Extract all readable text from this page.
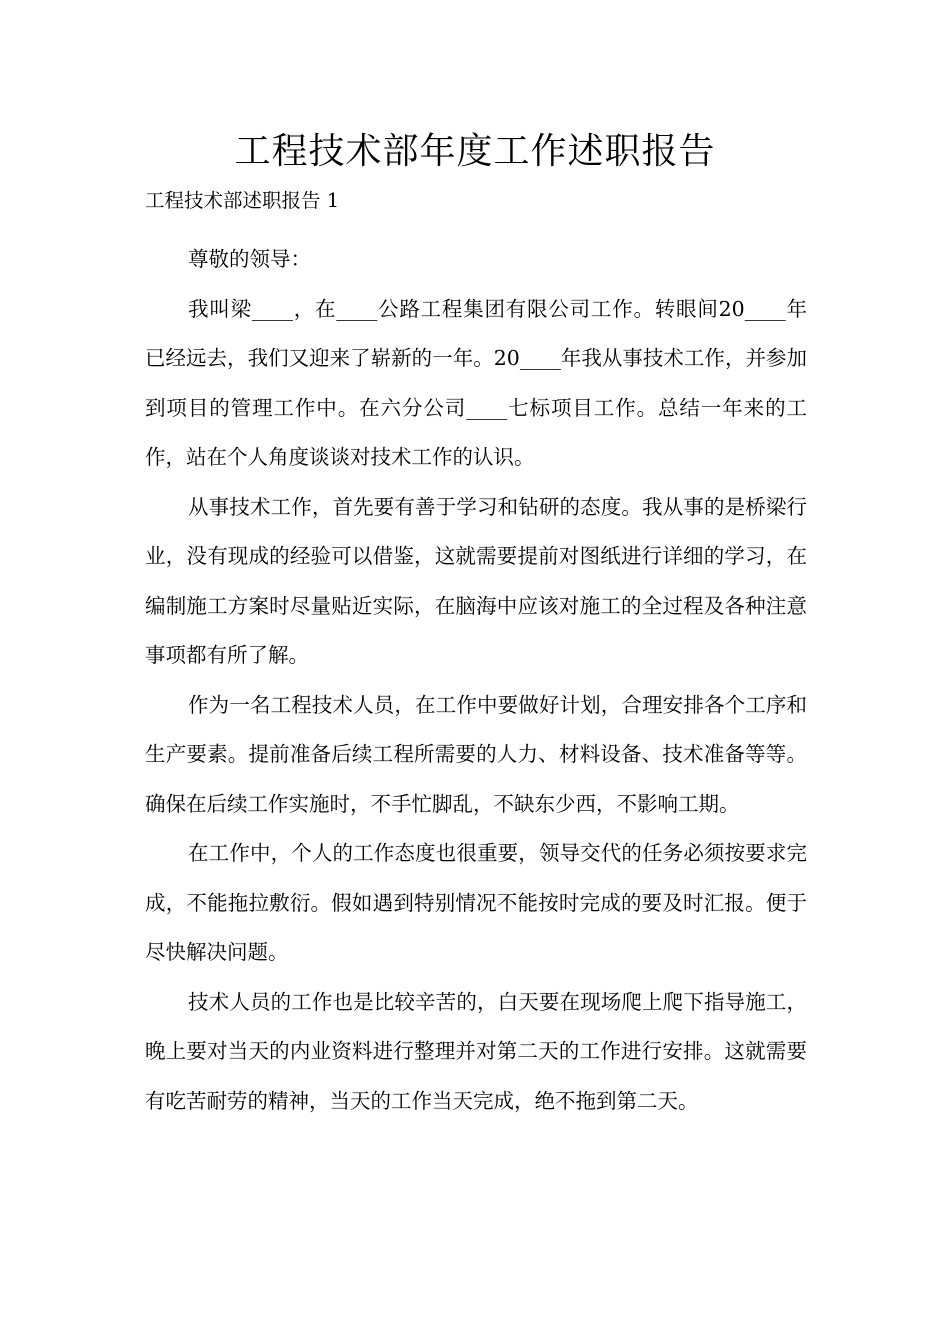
工程技术部年度工作述职报告

工程技术部述职报告 1

尊敬的领导：

我叫梁____，在____公路工程集团有限公司工作。转眼间20____年已经远去，我们又迎来了崭新的一年。20____年我从事技术工作，并参加到项目的管理工作中。在六分公司____七标项目工作。总结一年来的工作，站在个人角度谈谈对技术工作的认识。

从事技术工作，首先要有善于学习和钻研的态度。我从事的是桥梁行业，没有现成的经验可以借鉴，这就需要提前对图纸进行详细的学习，在编制施工方案时尽量贴近实际，在脑海中应该对施工的全过程及各种注意事项都有所了解。

作为一名工程技术人员，在工作中要做好计划，合理安排各个工序和生产要素。提前准备后续工程所需要的人力、材料设备、技术准备等等。确保在后续工作实施时，不手忙脚乱，不缺东少西，不影响工期。

在工作中，个人的工作态度也很重要，领导交代的任务必须按要求完成，不能拖拉敷衍。假如遇到特别情况不能按时完成的要及时汇报。便于尽快解决问题。

技术人员的工作也是比较辛苦的，白天要在现场爬上爬下指导施工，晚上要对当天的内业资料进行整理并对第二天的工作进行安排。这就需要有吃苦耐劳的精神，当天的工作当天完成，绝不拖到第二天。
